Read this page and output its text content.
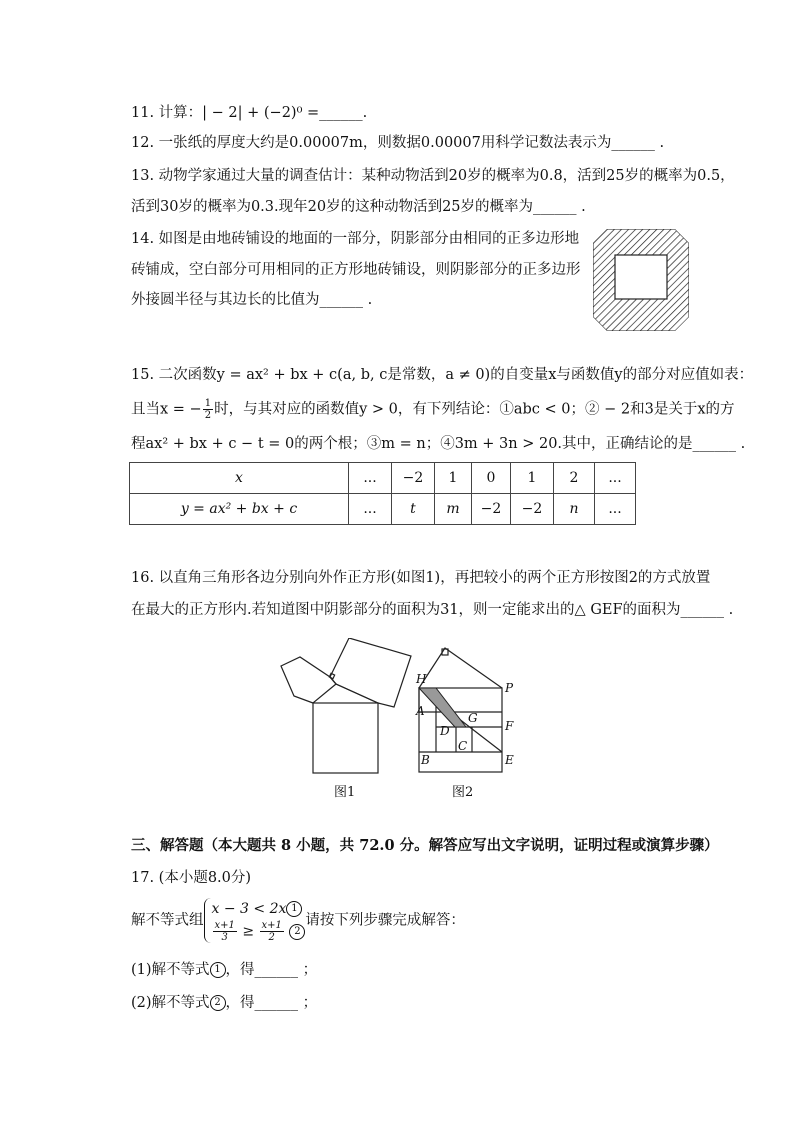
11. 计算：| − 2| + (−2)⁰ =______.
12. 一张纸的厚度大约是0.00007m，则数据0.00007用科学记数法表示为______ .
13. 动物学家通过大量的调查估计：某种动物活到20岁的概率为0.8，活到25岁的概率为0.5，
活到30岁的概率为0.3.现年20岁的这种动物活到25岁的概率为______ .
14. 如图是由地砖铺设的地面的一部分，阴影部分由相同的正多边形地
砖铺成，空白部分可用相同的正方形地砖铺设，则阴影部分的正多边形
外接圆半径与其边长的比值为______ .
15. 二次函数y = ax² + bx + c(a, b, c是常数，a ≠ 0)的自变量x与函数值y的部分对应值如表：
且当x = − $\frac{1}{2}$ 时，与其对应的函数值y > 0，有下列结论：①abc < 0；② − 2和3是关于x的方
程ax² + bx + c − t = 0的两个根；③m = n；④3m + 3n > 20.其中，正确结论的是______ .
x	...	−2	1	0	1	2	...
y = ax² + bx + c	...	t	m	−2	−2	n	...
16. 以直角三角形各边分别向外作正方形(如图1)，再把较小的两个正方形按图2的方式放置
在最大的正方形内.若知道图中阴影部分的面积为31，则一定能求出的△ GEF的面积为______ .
H
P
A	G
F
D
C
B	E
图1	图2
三、解答题（本大题共 8 小题，共 72.0 分。解答应写出文字说明，证明过程或演算步骤）
17. (本小题8.0分)
解不等式组
x − 3 < 2x 1
$\frac{x+1}{3} \ge \frac{x+1}{2} 2$
请按下列步骤完成解答：
(1)解不等式 1 ，得______ ；
(2)解不等式 2 ，得______ ；
